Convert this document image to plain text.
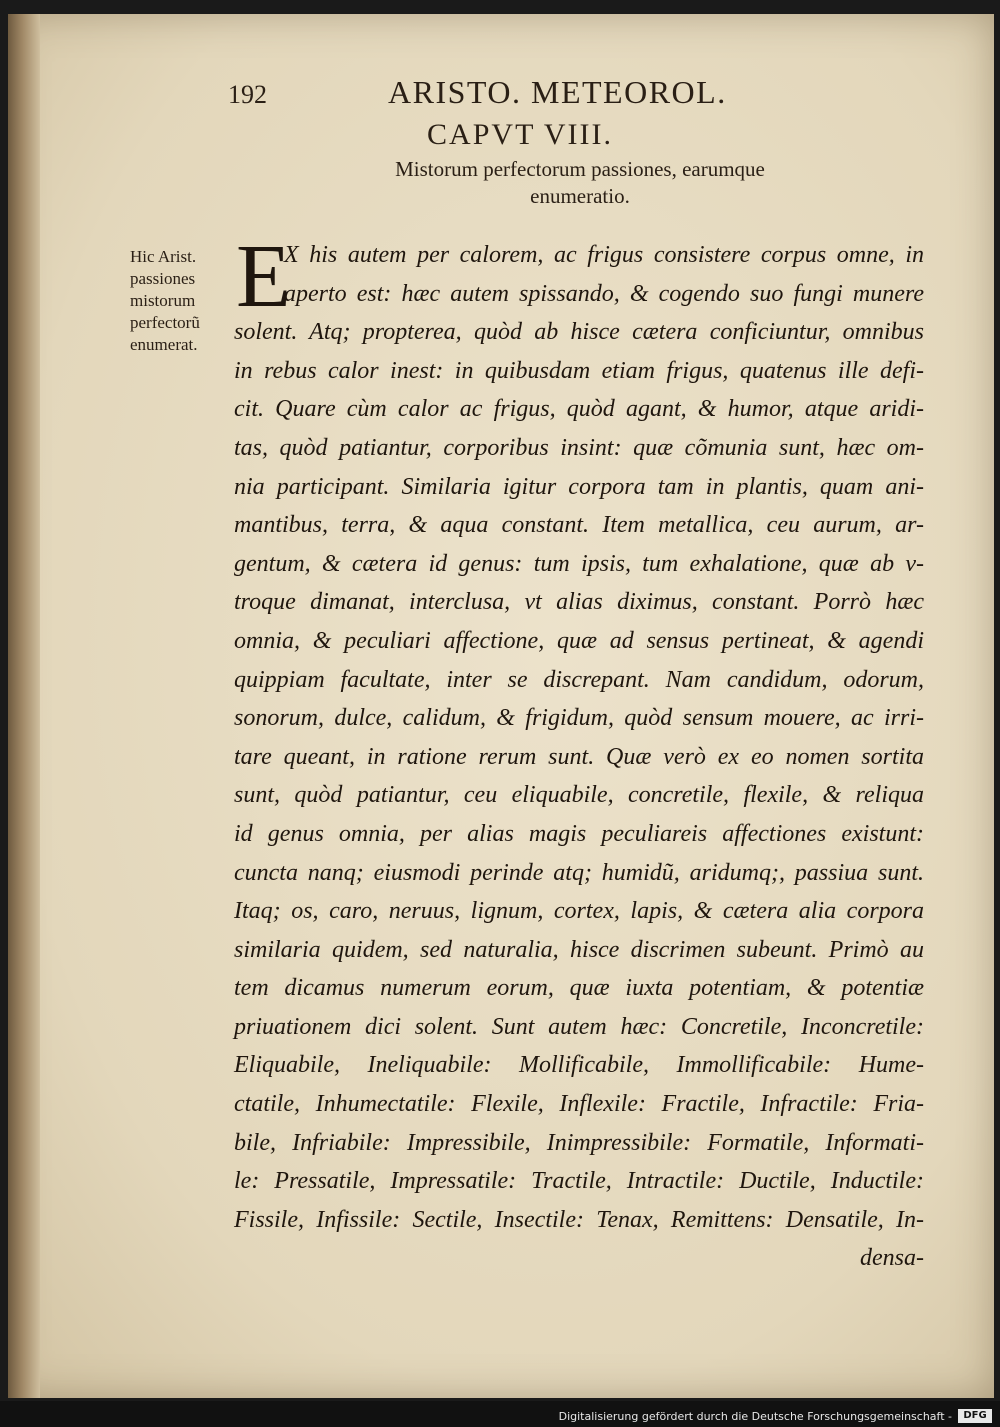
192	ARISTO. METEOROL.
CAPVT VIII.
Mistorum perfectorum passiones, earumque
enumeratio.
Hic Arist.
passiones
mistorum
perfectorũ
enumerat.
E
X his autem per calorem, ac frigus consistere corpus omne, in
aperto est: hæc autem spissando, & cogendo suo fungi munere
solent. Atq; propterea, quòd ab hisce cætera conficiuntur, omnibus
in rebus calor inest: in quibusdam etiam frigus, quatenus ille defi-
cit. Quare cùm calor ac frigus, quòd agant, & humor, atque aridi-
tas, quòd patiantur, corporibus insint: quæ cõmunia sunt, hæc om-
nia participant. Similaria igitur corpora tam in plantis, quam ani-
mantibus, terra, & aqua constant. Item metallica, ceu aurum, ar-
gentum, & cætera id genus: tum ipsis, tum exhalatione, quæ ab v-
troque dimanat, interclusa, vt alias diximus, constant. Porrò hæc
omnia, & peculiari affectione, quæ ad sensus pertineat, & agendi
quippiam facultate, inter se discrepant. Nam candidum, odorum,
sonorum, dulce, calidum, & frigidum, quòd sensum mouere, ac irri-
tare queant, in ratione rerum sunt. Quæ verò ex eo nomen sortita
sunt, quòd patiantur, ceu eliquabile, concretile, flexile, & reliqua
id genus omnia, per alias magis peculiareis affectiones existunt:
cuncta nanq; eiusmodi perinde atq; humidũ, aridumq;, passiua sunt.
Itaq; os, caro, neruus, lignum, cortex, lapis, & cætera alia corpora
similaria quidem, sed naturalia, hisce discrimen subeunt. Primò au
tem dicamus numerum eorum, quæ iuxta potentiam, & potentiæ
priuationem dici solent. Sunt autem hæc: Concretile, Inconcretile:
Eliquabile, Ineliquabile: Mollificabile, Immollificabile: Hume-
ctatile, Inhumectatile: Flexile, Inflexile: Fractile, Infractile: Fria-
bile, Infriabile: Impressibile, Inimpressibile: Formatile, Informati-
le: Pressatile, Impressatile: Tractile, Intractile: Ductile, Inductile:
Fissile, Infissile: Sectile, Insectile: Tenax, Remittens: Densatile, In-
densa-
Digitalisierung gefördert durch die Deutsche Forschungsgemeinschaft -	DFG
